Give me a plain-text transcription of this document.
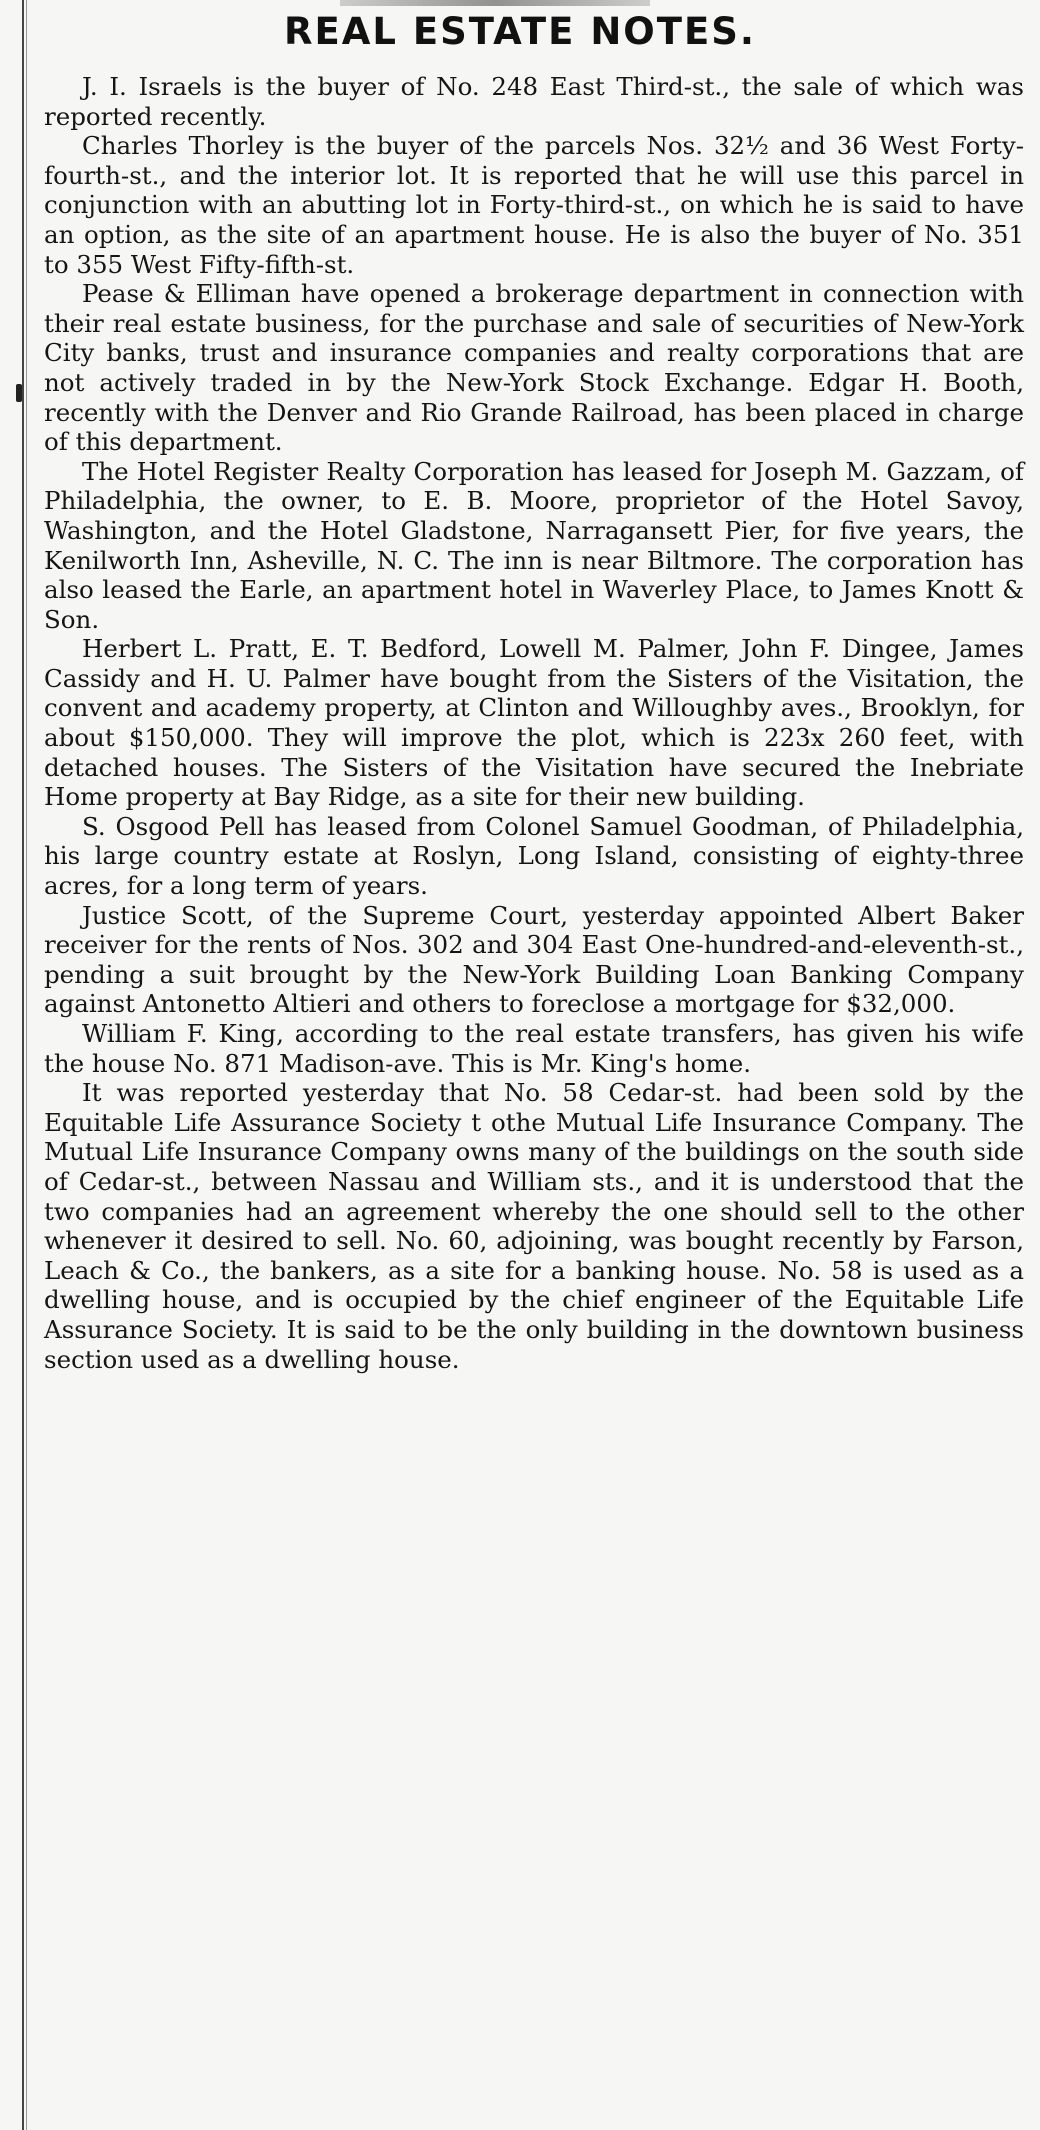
REAL ESTATE NOTES.

J. I. Israels is the buyer of No. 248 East Third-st., the sale of which was reported recently.

Charles Thorley is the buyer of the parcels Nos. 32½ and 36 West Forty-fourth-st., and the interior lot. It is reported that he will use this parcel in conjunction with an abutting lot in Forty-third-st., on which he is said to have an option, as the site of an apartment house. He is also the buyer of No. 351 to 355 West Fifty-fifth-st.

Pease & Elliman have opened a brokerage department in connection with their real estate business, for the purchase and sale of securities of New-York City banks, trust and insurance companies and realty corporations that are not actively traded in by the New-York Stock Exchange. Edgar H. Booth, recently with the Denver and Rio Grande Railroad, has been placed in charge of this department.

The Hotel Register Realty Corporation has leased for Joseph M. Gazzam, of Philadelphia, the owner, to E. B. Moore, proprietor of the Hotel Savoy, Washington, and the Hotel Gladstone, Narragansett Pier, for five years, the Kenilworth Inn, Asheville, N. C. The inn is near Biltmore. The corporation has also leased the Earle, an apartment hotel in Waverley Place, to James Knott & Son.

Herbert L. Pratt, E. T. Bedford, Lowell M. Palmer, John F. Dingee, James Cassidy and H. U. Palmer have bought from the Sisters of the Visitation, the convent and academy property, at Clinton and Willoughby aves., Brooklyn, for about $150,000. They will improve the plot, which is 223x 260 feet, with detached houses. The Sisters of the Visitation have secured the Inebriate Home property at Bay Ridge, as a site for their new building.

S. Osgood Pell has leased from Colonel Samuel Goodman, of Philadelphia, his large country estate at Roslyn, Long Island, consisting of eighty-three acres, for a long term of years.

Justice Scott, of the Supreme Court, yesterday appointed Albert Baker receiver for the rents of Nos. 302 and 304 East One-hundred-and-eleventh-st., pending a suit brought by the New-York Building Loan Banking Company against Antonetto Altieri and others to foreclose a mortgage for $32,000.

William F. King, according to the real estate transfers, has given his wife the house No. 871 Madison-ave. This is Mr. King's home.

It was reported yesterday that No. 58 Cedar-st. had been sold by the Equitable Life Assurance Society t othe Mutual Life Insurance Company. The Mutual Life Insurance Company owns many of the buildings on the south side of Cedar-st., between Nassau and William sts., and it is understood that the two companies had an agreement whereby the one should sell to the other whenever it desired to sell. No. 60, adjoining, was bought recently by Farson, Leach & Co., the bankers, as a site for a banking house. No. 58 is used as a dwelling house, and is occupied by the chief engineer of the Equitable Life Assurance Society. It is said to be the only building in the downtown business section used as a dwelling house.
